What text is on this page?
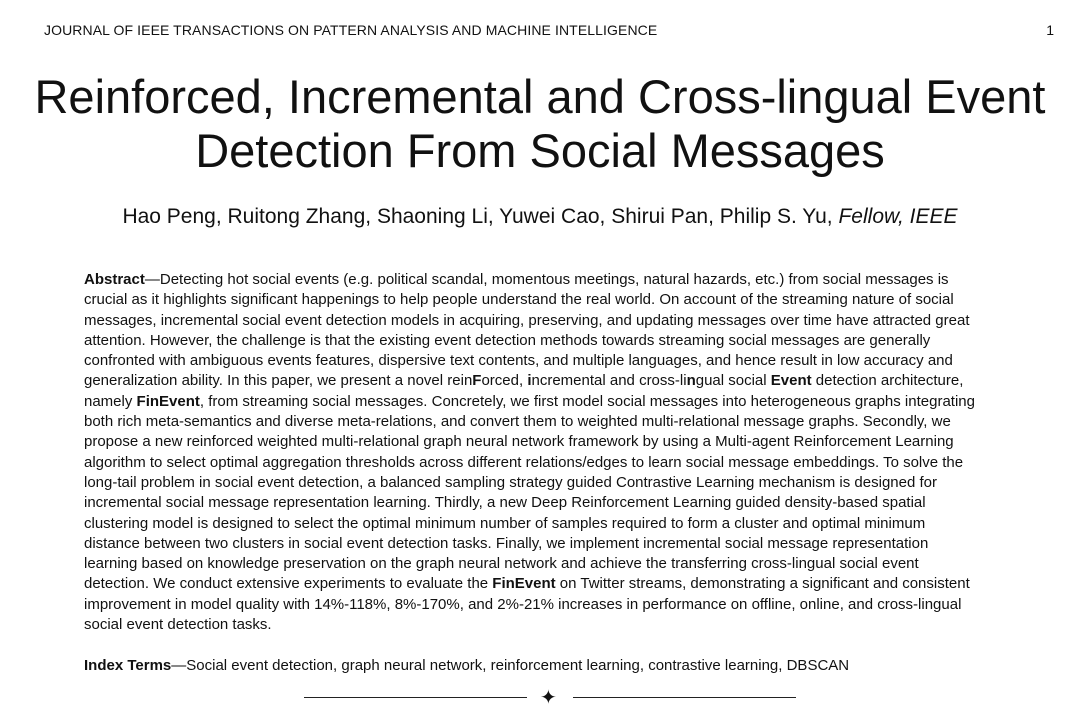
JOURNAL OF IEEE TRANSACTIONS ON PATTERN ANALYSIS AND MACHINE INTELLIGENCE	1
Reinforced, Incremental and Cross-lingual Event
Detection From Social Messages
Hao Peng, Ruitong Zhang, Shaoning Li, Yuwei Cao, Shirui Pan, Philip S. Yu, Fellow, IEEE
Abstract—Detecting hot social events (e.g. political scandal, momentous meetings, natural hazards, etc.) from social messages is
crucial as it highlights significant happenings to help people understand the real world. On account of the streaming nature of social
messages, incremental social event detection models in acquiring, preserving, and updating messages over time have attracted great
attention. However, the challenge is that the existing event detection methods towards streaming social messages are generally
confronted with ambiguous events features, dispersive text contents, and multiple languages, and hence result in low accuracy and
generalization ability. In this paper, we present a novel reinForced, incremental and cross-lingual social Event detection architecture,
namely FinEvent, from streaming social messages. Concretely, we first model social messages into heterogeneous graphs integrating
both rich meta-semantics and diverse meta-relations, and convert them to weighted multi-relational message graphs. Secondly, we
propose a new reinforced weighted multi-relational graph neural network framework by using a Multi-agent Reinforcement Learning
algorithm to select optimal aggregation thresholds across different relations/edges to learn social message embeddings. To solve the
long-tail problem in social event detection, a balanced sampling strategy guided Contrastive Learning mechanism is designed for
incremental social message representation learning. Thirdly, a new Deep Reinforcement Learning guided density-based spatial
clustering model is designed to select the optimal minimum number of samples required to form a cluster and optimal minimum
distance between two clusters in social event detection tasks. Finally, we implement incremental social message representation
learning based on knowledge preservation on the graph neural network and achieve the transferring cross-lingual social event
detection. We conduct extensive experiments to evaluate the FinEvent on Twitter streams, demonstrating a significant and consistent
improvement in model quality with 14%-118%, 8%-170%, and 2%-21% increases in performance on offline, online, and cross-lingual
social event detection tasks.
Index Terms—Social event detection, graph neural network, reinforcement learning, contrastive learning, DBSCAN
✦
